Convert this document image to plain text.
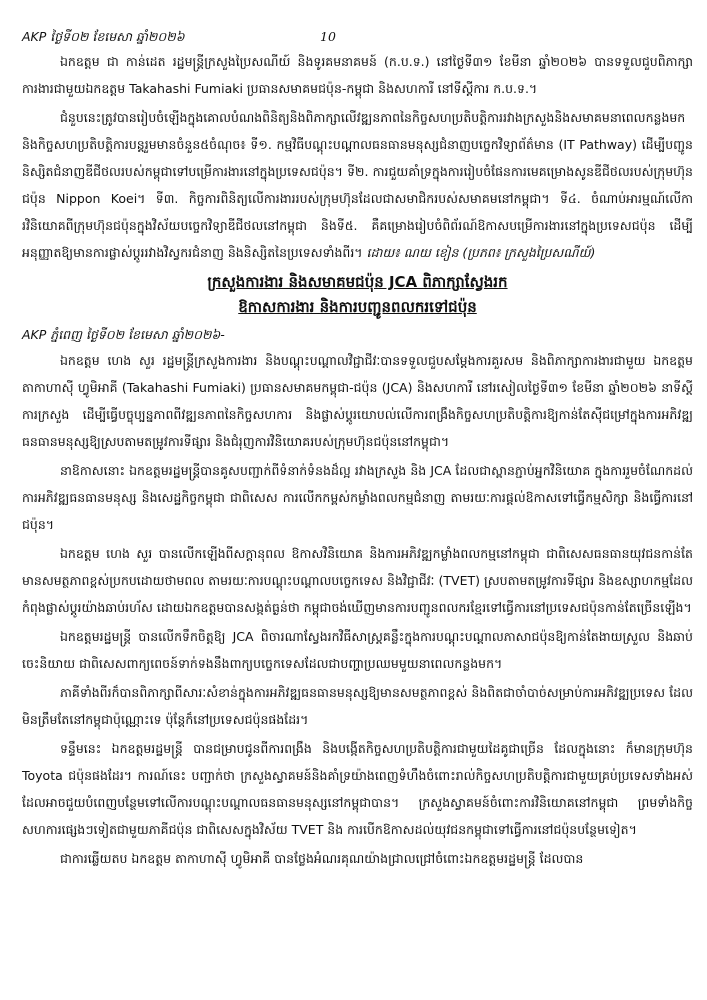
AKP ថ្ងៃទី០២ ខែមេសា ឆ្នាំ២០២៦	10

ឯកឧត្តម ជា កាន់ដេត រដ្ឋមន្ត្រីក្រសួងប្រៃសណីយ៍ និងទូរគមនាគមន៍ (ក.ប.ទ.) នៅថ្ងៃទី៣១ ខែមីនា ឆ្នាំ២០២៦ បានទទួលជួបពិភាក្សាការងារជាមួយឯកឧត្តម Takahashi Fumiaki ប្រធានសមាគមជប៉ុន-កម្ពុជា និងសហការី នៅទីស្តីការ ក.ប.ទ.។

ជំនួបនេះត្រូវបានរៀបចំឡើងក្នុងគោលបំណងពិនិត្យនិងពិភាក្សាលើវឌ្ឍនភាពនៃកិច្ចសហប្រតិបត្តិការរវាងក្រសួងនិងសមាគមនាពេលកន្លងមក និងកិច្ចសហប្រតិបត្តិការបន្តរួមមានចំនួន៥ចំណុច៖ ទី១. កម្មវិធីបណ្តុះបណ្តាលធនធានមនុស្សជំនាញបច្ចេកវិទ្យាព័ត៌មាន (IT Pathway) ដើម្បីបញ្ជូននិស្សិតជំនាញឌីជីថលរបស់កម្ពុជាទៅបម្រើការងារនៅក្នុងប្រទេសជប៉ុន។ ទី២. ការជួយគាំទ្រក្នុងការរៀបចំផែនការមេគម្រោងសូនឌីជីថលរបស់ក្រុមហ៊ុនជប៉ុន Nippon Koei។ ទី៣. កិច្ចការពិនិត្យលើការងាររបស់ក្រុមហ៊ុនដែលជាសមាជិករបស់សមាគមនៅកម្ពុជា។ ទី៤. ចំណាប់អារម្មណ៍លើការវិនិយោគពីក្រុមហ៊ុនជប៉ុនក្នុងវិស័យបច្ចេកវិទ្យាឌីជីថលនៅកម្ពុជា និងទី៥. គឺគម្រោងរៀបចំពិព័រណ៍ឱកាសបម្រើការងារនៅក្នុងប្រទេសជប៉ុន ដើម្បីអនុញ្ញាតឱ្យមានការផ្លាស់ប្តូររវាងវិស្វករជំនាញ និងនិស្សិតនៃប្រទេសទាំងពីរ។ ដោយ៖ ណយ ខៀន (ប្រភព៖ ក្រសួងប្រៃសណីយ៍)

ក្រសួងការងារ និងសមាគមជប៉ុន JCA ពិភាក្សាស្វែងរក
ឱកាសការងារ និងការបញ្ជូនពលករទៅជប៉ុន
AKP ភ្នំពេញ ថ្ងៃទី០២ ខែមេសា ឆ្នាំ២០២៦-

ឯកឧត្តម ហេង សួរ រដ្ឋមន្ត្រីក្រសួងការងារ និងបណ្តុះបណ្តាលវិជ្ជាជីវៈបានទទួលជួបសម្តែងការគួរសម និងពិភាក្សាការងារជាមួយ ឯកឧត្តម តាកាហាស៊ី ហ្វូមិអាគី (Takahashi Fumiaki) ប្រធានសមាគមកម្ពុជា-ជប៉ុន (JCA) និងសហការី នៅរសៀលថ្ងៃទី៣១ ខែមីនា ឆ្នាំ២០២៦ នាទីស្តីការក្រសួង ដើម្បីធ្វើបច្ចុប្បន្នភាពពីវឌ្ឍនភាពនៃកិច្ចសហការ និងផ្លាស់ប្តូរយោបល់លើការពង្រឹងកិច្ចសហប្រតិបត្តិការឱ្យកាន់តែស៊ីជម្រៅក្នុងការអភិវឌ្ឍធនធានមនុស្សឱ្យស្របតាមតម្រូវការទីផ្សារ និងជំរុញការវិនិយោគរបស់ក្រុមហ៊ុនជប៉ុននៅកម្ពុជា។

នាឱកាសនោះ ឯកឧត្តមរដ្ឋមន្ត្រីបានគូសបញ្ជាក់ពីទំនាក់ទំនងដ៏ល្អ រវាងក្រសួង និង JCA ដែលជាស្ពានភ្ជាប់អ្នកវិនិយោគ ក្នុងការរួមចំណែកដល់ការអភិវឌ្ឍធនធានមនុស្ស និងសេដ្ឋកិច្ចកម្ពុជា ជាពិសេស ការលើកកម្ពស់កម្លាំងពលកម្មជំនាញ តាមរយៈការផ្តល់ឱកាសទៅធ្វើកម្មសិក្សា និងធ្វើការនៅជប៉ុន។

ឯកឧត្តម ហេង សួរ បានលើកឡើងពីសក្តានុពល ឱកាសវិនិយោគ និងការអភិវឌ្ឍកម្លាំងពលកម្មនៅកម្ពុជា ជាពិសេសធនធានយុវជនកាន់តែមានសមត្ថភាពខ្ពស់ប្រកបដោយថាមពល តាមរយៈការបណ្តុះបណ្តាលបច្ចេកទេស និងវិជ្ជាជីវៈ (TVET) ស្របតាមតម្រូវការទីផ្សារ និងឧស្សាហកម្មដែលកំពុងផ្លាស់ប្តូរយ៉ាងឆាប់រហ័ស ដោយឯកឧត្តមបានសង្កត់ធ្ងន់ថា កម្ពុជាចង់ឃើញមានការបញ្ជូនពលករខ្មែរទៅធ្វើការនៅប្រទេសជប៉ុនកាន់តែច្រើនឡើង។

ឯកឧត្តមរដ្ឋមន្ត្រី បានលើកទឹកចិត្តឱ្យ JCA ពិចារណាស្វែងរកវិធីសាស្ត្រគន្លឹះក្នុងការបណ្តុះបណ្តាលភាសាជប៉ុនឱ្យកាន់តែងាយស្រួល និងឆាប់ចេះនិយាយ ជាពិសេសពាក្យពេចន៍ទាក់ទងនឹងពាក្យបច្ចេកទេសដែលជាបញ្ហាប្រឈមមួយនាពេលកន្លងមក។

ភាគីទាំងពីរក៏បានពិភាក្សាពីសារៈសំខាន់ក្នុងការអភិវឌ្ឍធនធានមនុស្សឱ្យមានសមត្ថភាពខ្ពស់ និងពិតជាចាំបាច់សម្រាប់ការអភិវឌ្ឍប្រទេស ដែលមិនត្រឹមតែនៅកម្ពុជាប៉ុណ្ណោះទេ ប៉ុន្តែក៏នៅប្រទេសជប៉ុនផងដែរ។

ទន្ទឹមនេះ ឯកឧត្តមរដ្ឋមន្ត្រី បានជម្រាបជូនពីការពង្រឹង និងបង្កើតកិច្ចសហប្រតិបត្តិការជាមួយដៃគូជាច្រើន ដែលក្នុងនោះ ក៏មានក្រុមហ៊ុន Toyota ជប៉ុនផងដែរ។ ការណ៍នេះ បញ្ជាក់ថា ក្រសួងស្វាគមន៍និងគាំទ្រយ៉ាងពេញទំហឹងចំពោះរាល់កិច្ចសហប្រតិបត្តិការជាមួយគ្រប់ប្រទេសទាំងអស់ដែលអាចជួយបំពេញបន្ថែមទៅលើការបណ្តុះបណ្តាលធនធានមនុស្សនៅកម្ពុជាបាន។ ក្រសួងស្វាគមន៍ចំពោះការវិនិយោគនៅកម្ពុជា ព្រមទាំងកិច្ចសហការផ្សេងៗទៀតជាមួយភាគីជប៉ុន ជាពិសេសក្នុងវិស័យ TVET និង ការបើកឱកាសដល់យុវជនកម្ពុជាទៅធ្វើការនៅជប៉ុនបន្ថែមទៀត។

ជាការឆ្លើយតប ឯកឧត្តម តាកាហាស៊ី ហ្វូមិអាគី បានថ្លែងអំណរគុណយ៉ាងជ្រាលជ្រៅចំពោះឯកឧត្តមរដ្ឋមន្ត្រី ដែលបាន
